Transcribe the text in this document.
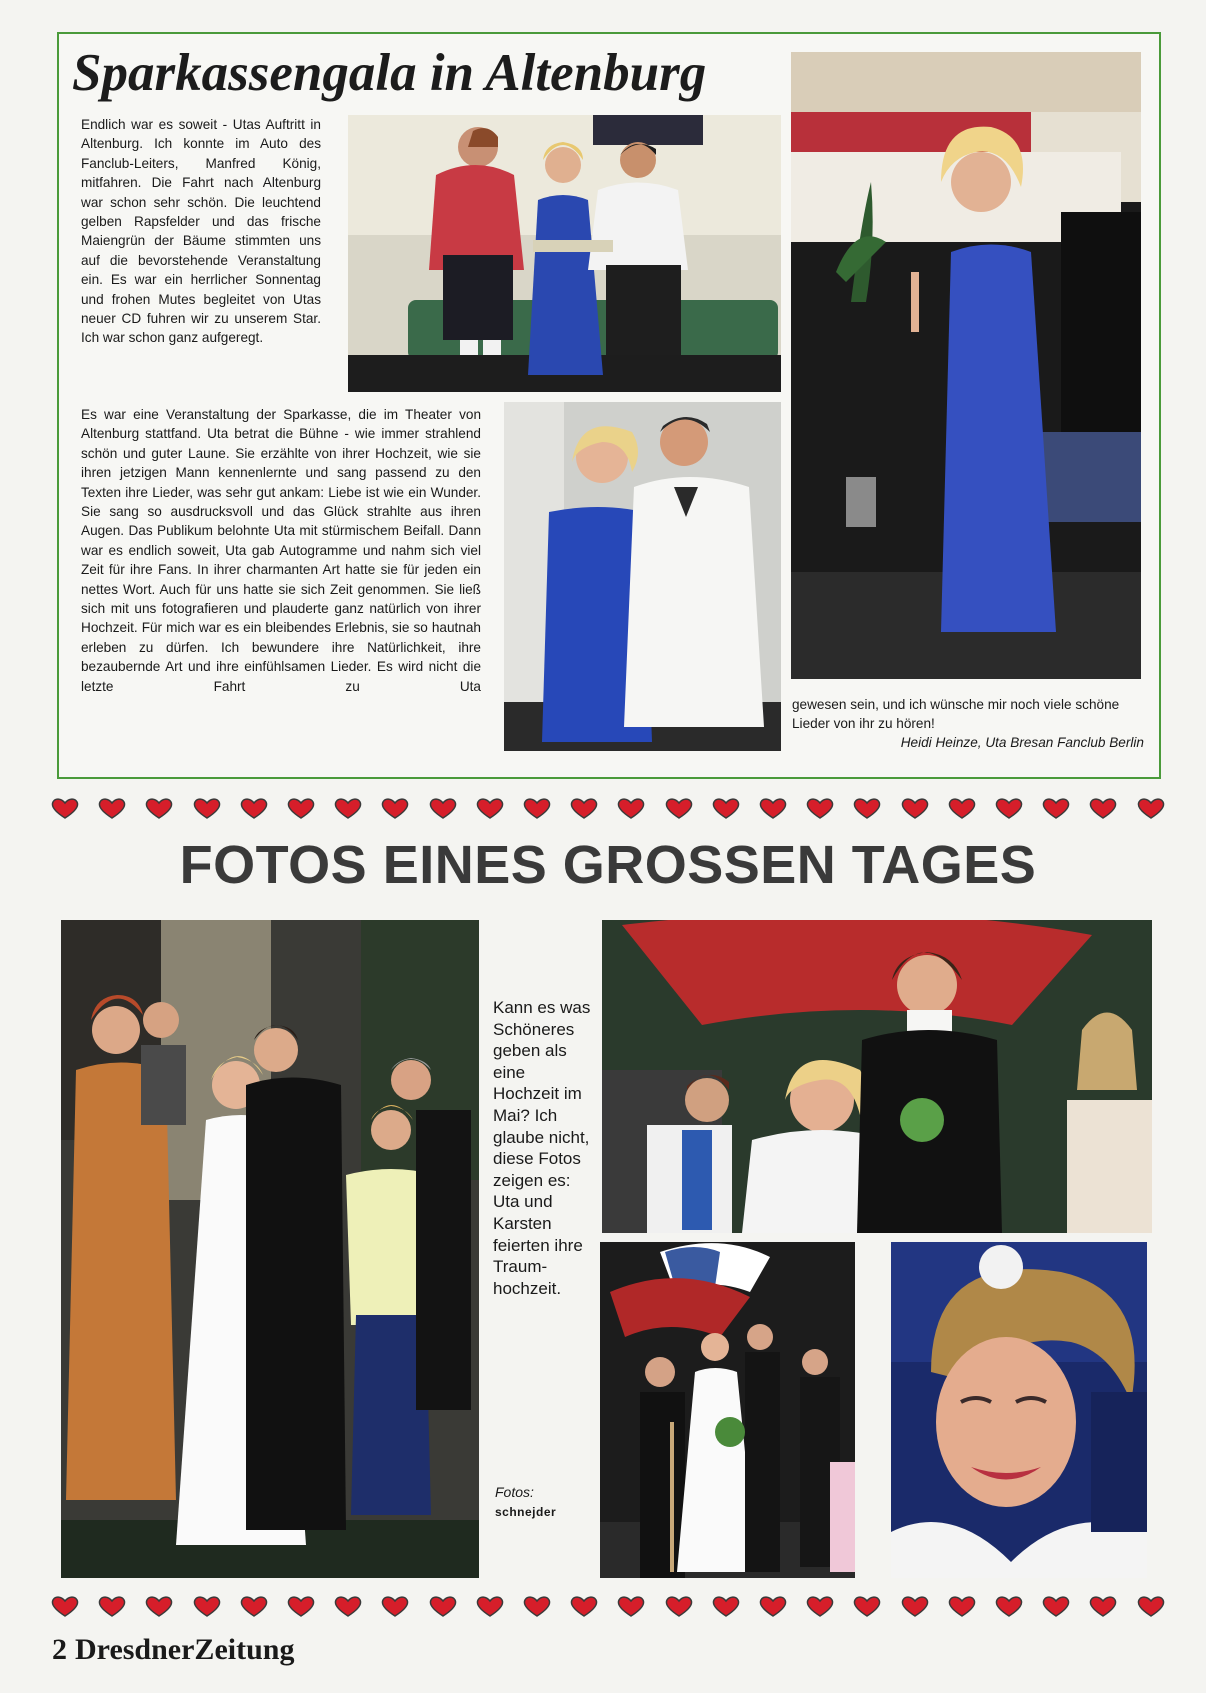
Sparkassengala in Altenburg

Endlich war es soweit - Utas Auftritt in Altenburg. Ich konnte im Auto des Fanclub-Leiters, Manfred König, mitfahren. Die Fahrt nach Altenburg war schon sehr schön. Die leuchtend gelben Rapsfelder und das frische Maiengrün der Bäume stimmten uns auf die bevorstehende Veranstaltung ein. Es war ein herrlicher Sonnentag und frohen Mutes begleitet von Utas neuer CD fuhren wir zu unserem Star. Ich war schon ganz aufgeregt.

Es war eine Veranstaltung der Sparkasse, die im Theater von Altenburg stattfand. Uta betrat die Bühne - wie immer strahlend schön und guter Laune. Sie erzählte von ihrer Hochzeit, wie sie ihren jetzigen Mann kennenlernte und sang passend zu den Texten ihre Lieder, was sehr gut ankam: Liebe ist wie ein Wunder. Sie sang so ausdrucksvoll und das Glück strahlte aus ihren Augen. Das Publikum belohnte Uta mit stürmischem Beifall. Dann war es endlich soweit, Uta gab Autogramme und nahm sich viel Zeit für ihre Fans. In ihrer charmanten Art hatte sie für jeden ein nettes Wort. Auch für uns hatte sie sich Zeit genommen. Sie ließ sich mit uns fotografieren und plauderte ganz natürlich von ihrer Hochzeit. Für mich war es ein bleibendes Erlebnis, sie so hautnah erleben zu dürfen. Ich bewundere ihre Natürlichkeit, ihre bezaubernde Art und ihre einfühlsamen Lieder. Es wird nicht die letzte Fahrt zu Uta

gewesen sein, und ich wünsche mir noch viele schöne Lieder von ihr zu hören!

Heidi Heinze, Uta Bresan Fanclub Berlin

FOTOS EINES GROSSEN TAGES

Kann es was Schöneres geben als eine Hochzeit im Mai? Ich glaube nicht, diese Fotos zeigen es: Uta und Karsten feierten ihre Traum-hochzeit.

Fotos:

schnejder

2 DresdnerZeitung
